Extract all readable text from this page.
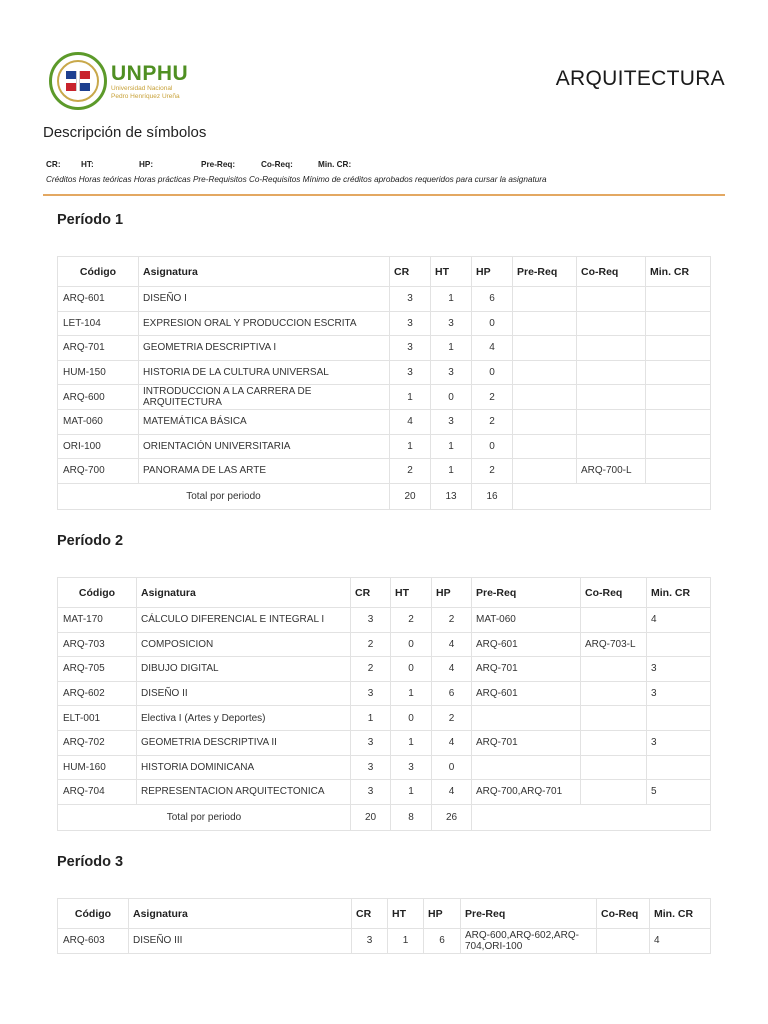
UNPHU
Universidad Nacional
Pedro Henríquez Ureña
ARQUITECTURA
Descripción de símbolos
CR: HT:	HP:	Pre-Req:	Co-Req:	Min. CR:
Créditos Horas teóricas Horas prácticas Pre-Requisitos Co-Requisitos Mínimo de créditos aprobados requeridos para cursar la asignatura
Período 1
Código	Asignatura	CR	HT	HP	Pre-Req	Co-Req	Min. CR
ARQ-601	DISEÑO I	3	1	6			
LET-104	EXPRESION ORAL Y PRODUCCION ESCRITA	3	3	0			
ARQ-701	GEOMETRIA DESCRIPTIVA I	3	1	4			
HUM-150	HISTORIA DE LA CULTURA UNIVERSAL	3	3	0			
ARQ-600	INTRODUCCION A LA CARRERA DE ARQUITECTURA	1	0	2			
MAT-060	MATEMÁTICA BÁSICA	4	3	2			
ORI-100	ORIENTACIÓN UNIVERSITARIA	1	1	0			
ARQ-700	PANORAMA DE LAS ARTE	2	1	2		ARQ-700-L	
Total por periodo		20	13	16			
Período 2
Código	Asignatura	CR	HT	HP	Pre-Req	Co-Req	Min. CR
MAT-170	CÁLCULO DIFERENCIAL E INTEGRAL I	3	2	2	MAT-060		4
ARQ-703	COMPOSICION	2	0	4	ARQ-601	ARQ-703-L	
ARQ-705	DIBUJO DIGITAL	2	0	4	ARQ-701		3
ARQ-602	DISEÑO II	3	1	6	ARQ-601		3
ELT-001	Electiva I (Artes y Deportes)	1	0	2			
ARQ-702	GEOMETRIA DESCRIPTIVA II	3	1	4	ARQ-701		3
HUM-160	HISTORIA DOMINICANA	3	3	0			
ARQ-704	REPRESENTACION ARQUITECTONICA	3	1	4	ARQ-700,ARQ-701		5
Total por periodo		20	8	26			
Período 3
Código	Asignatura	CR	HT	HP	Pre-Req	Co-Req	Min. CR
ARQ-603	DISEÑO III	3	1	6	ARQ-600,ARQ-602,ARQ-704,ORI-100		4
